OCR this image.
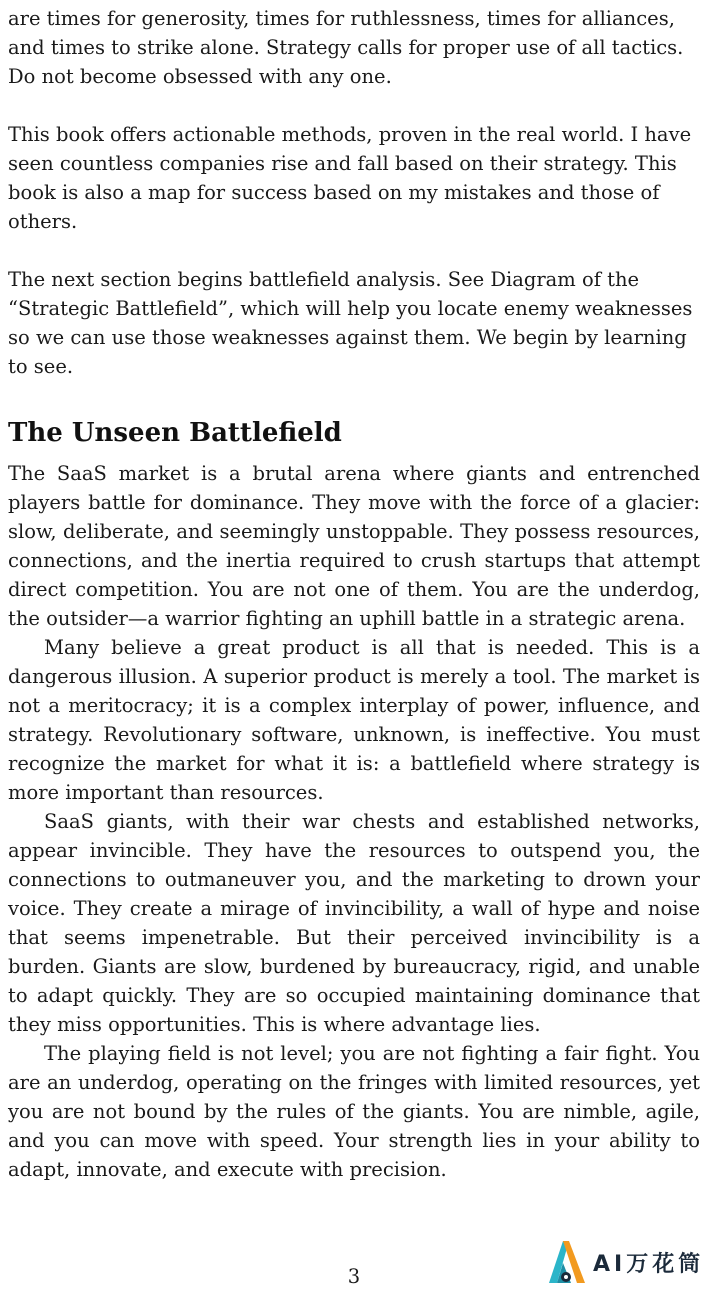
are times for generosity, times for ruthlessness, times for alliances, and times to strike alone. Strategy calls for proper use of all tactics. Do not become obsessed with any one.

This book offers actionable methods, proven in the real world. I have seen countless companies rise and fall based on their strategy. This book is also a map for success based on my mistakes and those of others.

The next section begins battlefield analysis. See Diagram of the “Strategic Battlefield”, which will help you locate enemy weaknesses so we can use those weaknesses against them. We begin by learning to see.

The Unseen Battlefield

The SaaS market is a brutal arena where giants and entrenched players battle for dominance. They move with the force of a glacier: slow, deliberate, and seemingly unstoppable. They possess resources, connections, and the inertia required to crush startups that attempt direct competition. You are not one of them. You are the underdog, the outsider—a warrior fighting an uphill battle in a strategic arena.

Many believe a great product is all that is needed. This is a dangerous illusion. A superior product is merely a tool. The market is not a meritocracy; it is a complex interplay of power, influence, and strategy. Revolutionary software, unknown, is ineffective. You must recognize the market for what it is: a battlefield where strategy is more important than resources.

SaaS giants, with their war chests and established networks, appear invincible. They have the resources to outspend you, the connections to outmaneuver you, and the marketing to drown your voice. They create a mirage of invincibility, a wall of hype and noise that seems impenetrable. But their perceived invincibility is a burden. Giants are slow, burdened by bureaucracy, rigid, and unable to adapt quickly. They are so occupied maintaining dominance that they miss opportunities. This is where advantage lies.

The playing field is not level; you are not fighting a fair fight. You are an underdog, operating on the fringes with limited resources, yet you are not bound by the rules of the giants. You are nimble, agile, and you can move with speed. Your strength lies in your ability to adapt, innovate, and execute with precision.

3	AI万花筒
